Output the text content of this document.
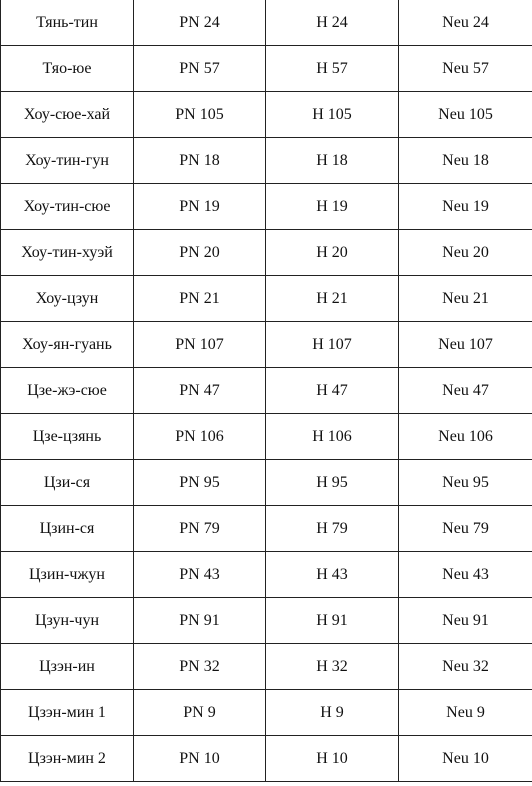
Тянь-тин	PN 24	H 24	Neu 24
Тяо-юе	PN 57	H 57	Neu 57
Хоу-сюе-хай	PN 105	H 105	Neu 105
Хоу-тин-гун	PN 18	H 18	Neu 18
Хоу-тин-сюе	PN 19	H 19	Neu 19
Хоу-тин-хуэй	PN 20	H 20	Neu 20
Хоу-цзун	PN 21	H 21	Neu 21
Хоу-ян-гуань	PN 107	H 107	Neu 107
Цзе-жэ-сюе	PN 47	H 47	Neu 47
Цзе-цзянь	PN 106	H 106	Neu 106
Цзи-ся	PN 95	H 95	Neu 95
Цзин-ся	PN 79	H 79	Neu 79
Цзин-чжун	PN 43	H 43	Neu 43
Цзун-чун	PN 91	H 91	Neu 91
Цзэн-ин	PN 32	H 32	Neu 32
Цзэн-мин 1	PN 9	H 9	Neu 9
Цзэн-мин 2	PN 10	H 10	Neu 10
